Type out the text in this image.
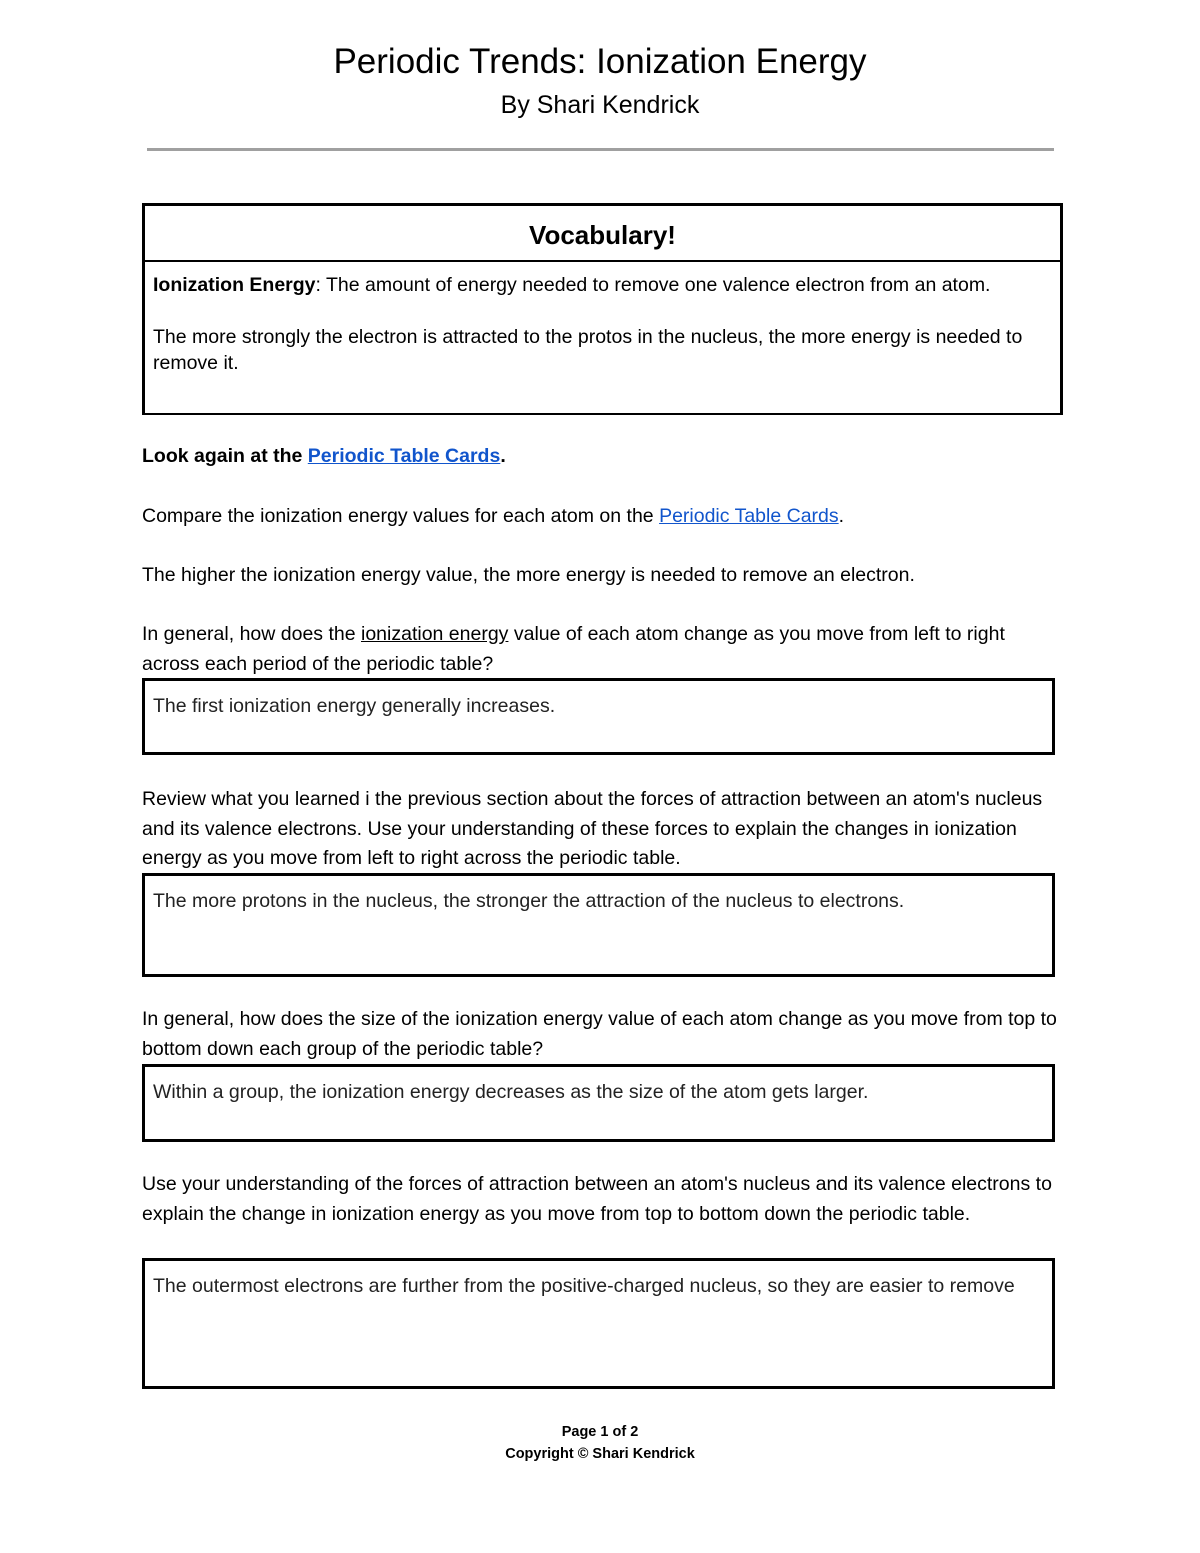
Periodic Trends: Ionization Energy
By Shari Kendrick
Vocabulary!

Ionization Energy: The amount of energy needed to remove one valence electron from an atom.

The more strongly the electron is attracted to the protos in the nucleus, the more energy is needed to remove it.

Look again at the Periodic Table Cards.

Compare the ionization energy values for each atom on the Periodic Table Cards.

The higher the ionization energy value, the more energy is needed to remove an electron.

In general, how does the ionization energy value of each atom change as you move from left to right across each period of the periodic table?

The first ionization energy generally increases.

Review what you learned i the previous section about the forces of attraction between an atom's nucleus and its valence electrons. Use your understanding of these forces to explain the changes in ionization energy as you move from left to right across the periodic table.

The more protons in the nucleus, the stronger the attraction of the nucleus to electrons.

In general, how does the size of the ionization energy value of each atom change as you move from top to bottom down each group of the periodic table?

Within a group, the ionization energy decreases as the size of the atom gets larger.

Use your understanding of the forces of attraction between an atom's nucleus and its valence electrons to explain the change in ionization energy as you move from top to bottom down the periodic table.

The outermost electrons are further from the positive-charged nucleus, so they are easier to remove
Page 1 of 2
Copyright © Shari Kendrick
